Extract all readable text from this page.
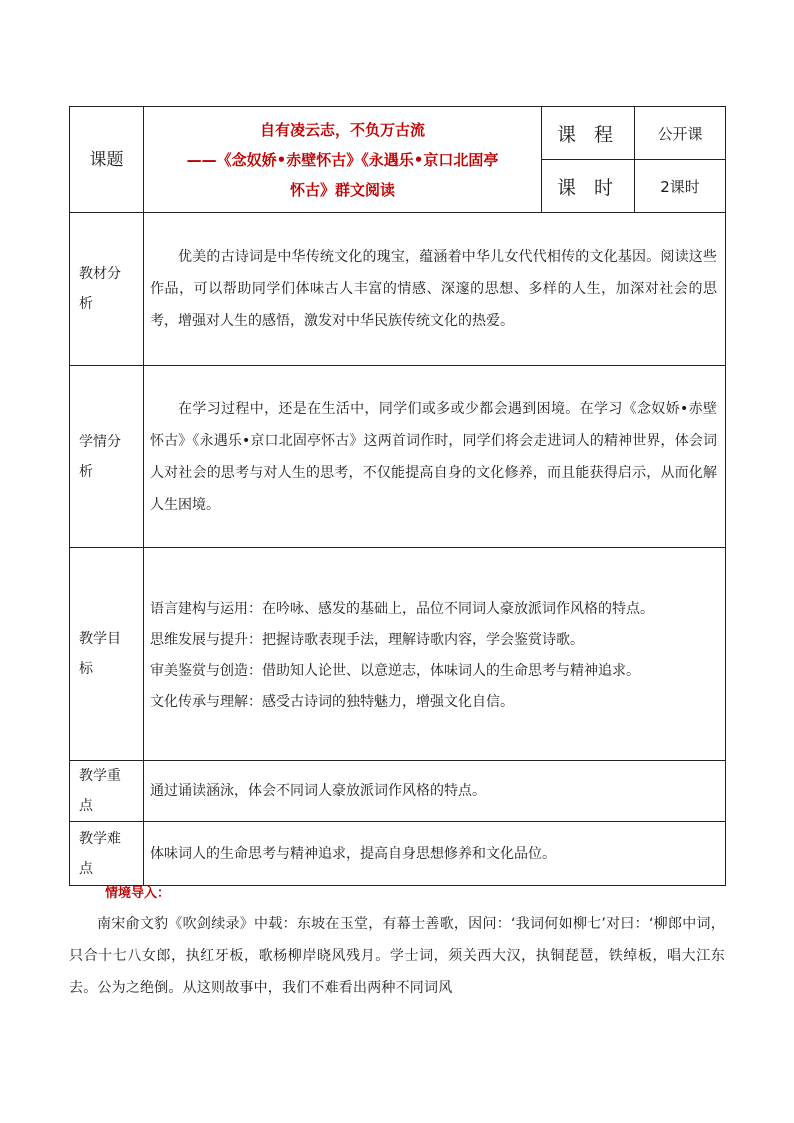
课题	自有凌云志，不负万古流
——《念奴娇•赤壁怀古》《永遇乐•京口北固亭
怀古》群文阅读	课 程	公开课
		课 时	2课时
教材分析	优美的古诗词是中华传统文化的瑰宝，蕴涵着中华儿女代代相传的文化基因。阅读这些作品，可以帮助同学们体味古人丰富的情感、深邃的思想、多样的人生，加深对社会的思考，增强对人生的感悟，激发对中华民族传统文化的热爱。		

学情分析	在学习过程中，还是在生活中，同学们或多或少都会遇到困境。在学习《念奴娇•赤壁怀古》《永遇乐•京口北固亭怀古》这两首词作时，同学们将会走进词人的精神世界，体会词人对社会的思考与对人生的思考，不仅能提高自身的文化修养，而且能获得启示，从而化解人生困境。		

教学目标	语言建构与运用：在吟咏、感发的基础上，品位不同词人豪放派词作风格的特点。
思维发展与提升：把握诗歌表现手法，理解诗歌内容，学会鉴赏诗歌。
审美鉴赏与创造：借助知人论世、以意逆志，体味词人的生命思考与精神追求。
文化传承与理解：感受古诗词的独特魅力，增强文化自信。		

教学重点	通过诵读涵泳，体会不同词人豪放派词作风格的特点。		
教学难点	体味词人的生命思考与精神追求，提高自身思想修养和文化品位。		
情境导入：

南宋俞文豹《吹剑续录》中载：东坡在玉堂，有幕士善歌，因问：‘我词何如柳七’对曰：‘柳郎中词，只合十七八女郎，执红牙板，歌杨柳岸晓风残月。学士词，须关西大汉，执铜琵琶，铁绰板，唱大江东去。公为之绝倒。从这则故事中，我们不难看出两种不同词风
